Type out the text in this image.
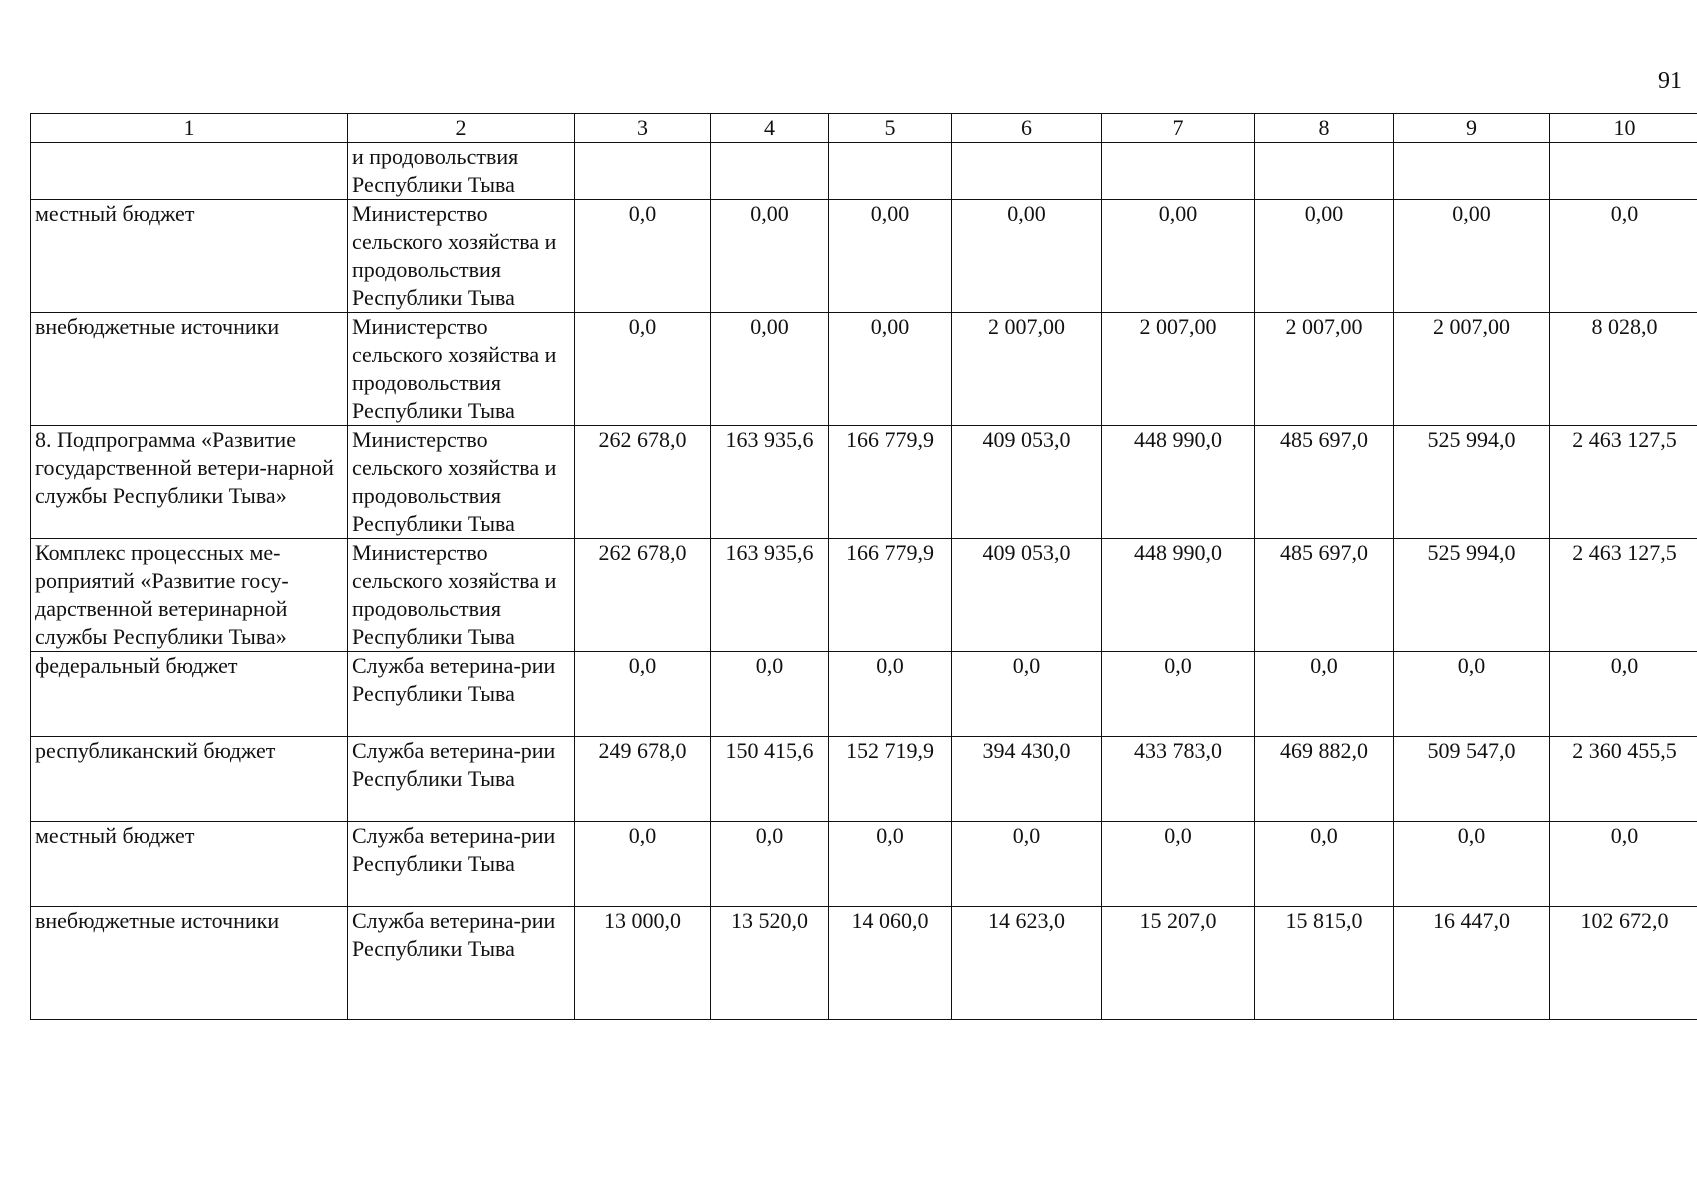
91
1	2	3	4	5	6	7	8	9	10
	и продовольствия Республики Тыва								
местный бюджет	Министерство сельского хозяйства и продовольствия Республики Тыва	0,0	0,00	0,00	0,00	0,00	0,00	0,00	0,0
внебюджетные источники	Министерство сельского хозяйства и продовольствия Республики Тыва	0,0	0,00	0,00	2 007,00	2 007,00	2 007,00	2 007,00	8 028,0
8. Подпрограмма «Развитие государственной ветери-нарной службы Республики Тыва»	Министерство сельского хозяйства и продовольствия Республики Тыва	262 678,0	163 935,6	166 779,9	409 053,0	448 990,0	485 697,0	525 994,0	2 463 127,5
Комплекс процессных ме-роприятий «Развитие госу-дарственной ветеринарной службы Республики Тыва»	Министерство сельского хозяйства и продовольствия Республики Тыва	262 678,0	163 935,6	166 779,9	409 053,0	448 990,0	485 697,0	525 994,0	2 463 127,5
федеральный бюджет	Служба ветерина-рии Республики Тыва	0,0	0,0	0,0	0,0	0,0	0,0	0,0	0,0
республиканский бюджет	Служба ветерина-рии Республики Тыва	249 678,0	150 415,6	152 719,9	394 430,0	433 783,0	469 882,0	509 547,0	2 360 455,5
местный бюджет	Служба ветерина-рии Республики Тыва	0,0	0,0	0,0	0,0	0,0	0,0	0,0	0,0
внебюджетные источники	Служба ветерина-рии Республики Тыва	13 000,0	13 520,0	14 060,0	14 623,0	15 207,0	15 815,0	16 447,0	102 672,0
